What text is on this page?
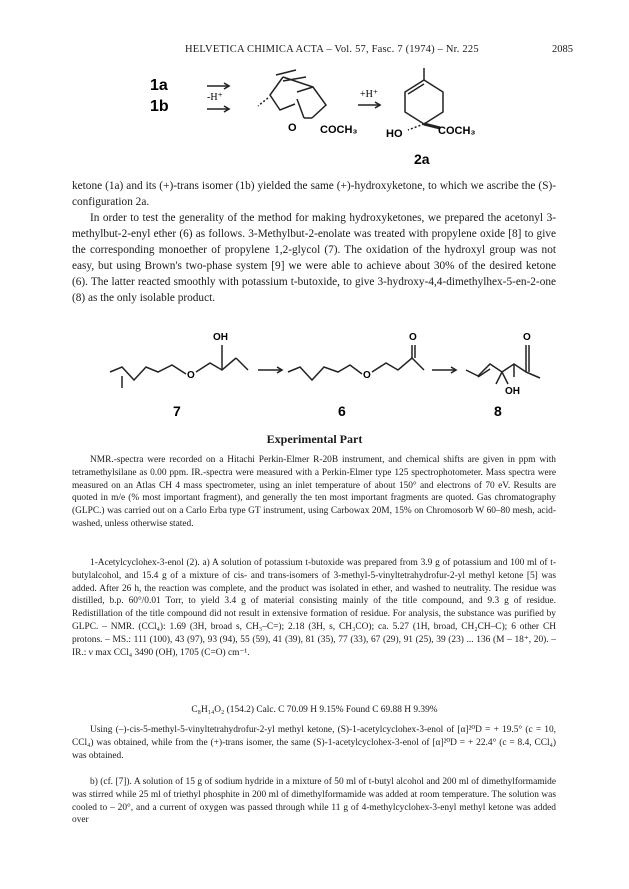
HELVETICA CHIMICA ACTA – Vol. 57, Fasc. 7 (1974) – Nr. 225	2085
1a
1b
-H⁺
O COCH₃
+H⁺
HO	COCH₃
2a

ketone (1a) and its (+)-trans isomer (1b) yielded the same (+)-hydroxyketone, to which we ascribe the (S)-configuration 2a.

In order to test the generality of the method for making hydroxyketones, we prepared the acetonyl 3-methylbut-2-enyl ether (6) as follows. 3-Methylbut-2-enolate was treated with propylene oxide [8] to give the corresponding monoether of propylene 1,2-glycol (7). The oxidation of the hydroxyl group was not easy, but using Brown's two-phase system [9] we were able to achieve about 30% of the desired ketone (6). The latter reacted smoothly with potassium t-butoxide, to give 3-hydroxy-4,4-dimethylhex-5-en-2-one (8) as the only isolable product.

O
OH
O
O	O
OH
7	6	8
Experimental Part

NMR.-spectra were recorded on a Hitachi Perkin-Elmer R-20B instrument, and chemical shifts are given in ppm with tetramethylsilane as 0.00 ppm. IR.-spectra were measured with a Perkin-Elmer type 125 spectrophotometer. Mass spectra were measured on an Atlas CH 4 mass spectrometer, using an inlet temperature of about 150° and electrons of 70 eV. Results are quoted in m/e (% most important fragment), and generally the ten most important fragments are quoted. Gas chromatography (GLPC.) was carried out on a Carlo Erba type GT instrument, using Carbowax 20M, 15% on Chromosorb W 60–80 mesh, acid-washed, unless otherwise stated.

1-Acetylcyclohex-3-enol (2). a) A solution of potassium t-butoxide was prepared from 3.9 g of potassium and 100 ml of t-butylalcohol, and 15.4 g of a mixture of cis- and trans-isomers of 3-methyl-5-vinyltetrahydrofur-2-yl methyl ketone [5] was added. After 26 h, the reaction was complete, and the product was isolated in ether, and washed to neutrality. The residue was distilled, b.p. 60°/0.01 Torr, to yield 3.4 g of material consisting mainly of the title compound, and 9.3 g of residue. Redistillation of the title compound did not result in extensive formation of residue. For analysis, the substance was purified by GLPC. – NMR. (CCl₄): 1.69 (3H, broad s, CH₃–C=); 2.18 (3H, s, CH₃CO); ca. 5.27 (1H, broad, CH₂CH–C); 6 other CH protons. – MS.: 111 (100), 43 (97), 93 (94), 55 (59), 41 (39), 81 (35), 77 (33), 67 (29), 91 (25), 39 (23) ... 136 (M – 18⁺, 20). – IR.: ν max CCl₄ 3490 (OH), 1705 (C=O) cm⁻¹.

C₈H₁₄O₂ (154.2) Calc. C 70.09 H 9.15% Found C 69.88 H 9.39%

Using (–)-cis-5-methyl-5-vinyltetrahydrofur-2-yl methyl ketone, (S)-1-acetylcyclohex-3-enol of [α]²⁰D = + 19.5° (c = 10, CCl₄) was obtained, while from the (+)-trans isomer, the same (S)-1-acetylcyclohex-3-enol of [α]²⁰D = + 22.4° (c = 8.4, CCl₄) was obtained.

b) (cf. [7]). A solution of 15 g of sodium hydride in a mixture of 50 ml of t-butyl alcohol and 200 ml of dimethylformamide was stirred while 25 ml of triethyl phosphite in 200 ml of dimethylformamide was added at room temperature. The solution was cooled to – 20°, and a current of oxygen was passed through while 11 g of 4-methylcyclohex-3-enyl methyl ketone was added over
